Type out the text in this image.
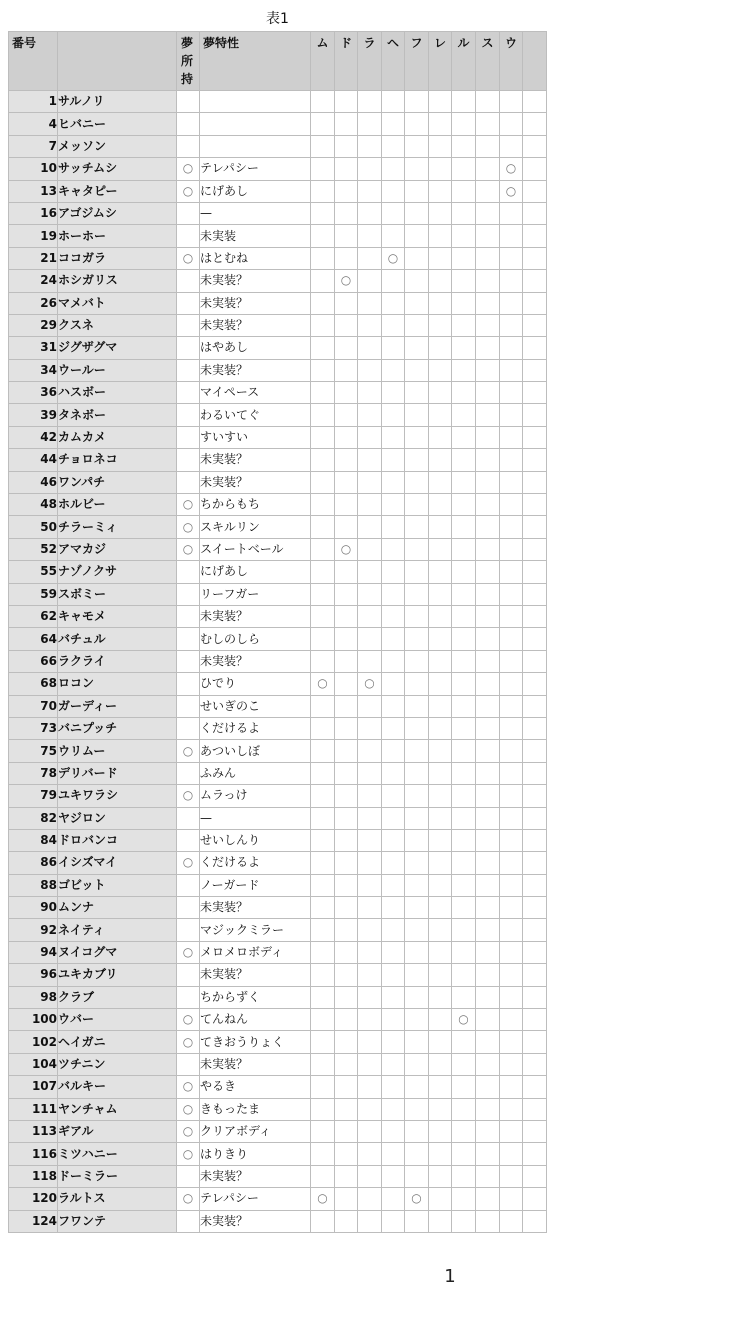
表1
番号		夢所持	夢特性	ム	ド	ラ	ヘ	フ	レ	ル	ス	ウ	
1	サルノリ												
4	ヒバニー												
7	メッソン												
10	サッチムシ	○	テレパシー									○	
13	キャタピー	○	にげあし									○	
16	アゴジムシ		—										
19	ホーホー		未実装										
21	ココガラ	○	はとむね				○						
24	ホシガリス		未実装？		○								
26	マメバト		未実装？										
29	クスネ		未実装？										
31	ジグザグマ		はやあし										
34	ウールー		未実装？										
36	ハスボー		マイペース										
39	タネボー		わるいてぐ										
42	カムカメ		すいすい										
44	チョロネコ		未実装？										
46	ワンパチ		未実装？										
48	ホルビー	○	ちからもち										
50	チラーミィ	○	スキルリン										
52	アマカジ	○	スイートベール		○								
55	ナゾノクサ		にげあし										
59	スボミー		リーフガー										
62	キャモメ		未実装？										
64	バチュル		むしのしら										
66	ラクライ		未実装？										
68	ロコン		ひでり	○		○							
70	ガーディー		せいぎのこ										
73	バニプッチ		くだけるよ										
75	ウリムー	○	あついしぼ										
78	デリバード		ふみん										
79	ユキワラシ	○	ムラっけ										
82	ヤジロン		—										
84	ドロバンコ		せいしんり										
86	イシズマイ	○	くだけるよ										
88	ゴビット		ノーガード										
90	ムンナ		未実装？										
92	ネイティ		マジックミラー										
94	ヌイコグマ	○	メロメロボディ										
96	ユキカブリ		未実装？										
98	クラブ		ちからずく										
100	ウバー	○	てんねん							○			
102	ヘイガニ	○	てきおうりょく										
104	ツチニン		未実装？										
107	バルキー	○	やるき										
111	ヤンチャム	○	きもったま										
113	ギアル	○	クリアボディ										
116	ミツハニー	○	はりきり										
118	ドーミラー		未実装？										
120	ラルトス	○	テレパシー	○				○					
124	フワンテ		未実装？										
1
